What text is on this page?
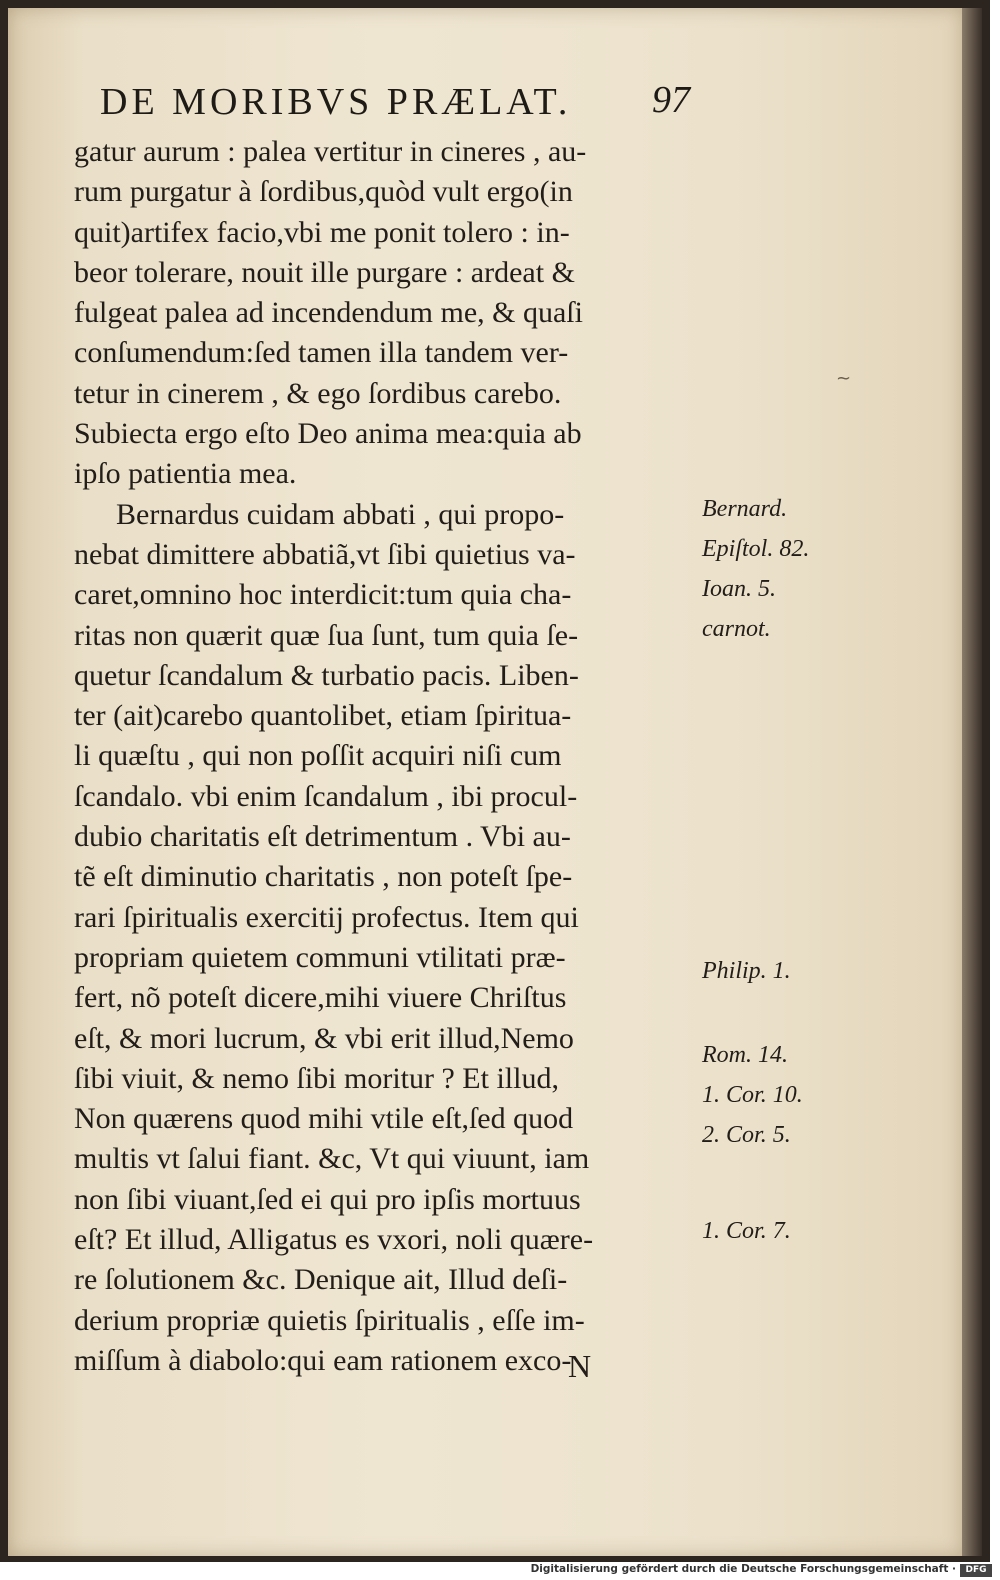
DE MORIBVS PRÆLAT.	97
gatur aurum : palea vertitur in cineres , au-
rum purgatur à ſordibus,quòd vult ergo(in
quit)artifex facio,vbi me ponit tolero : in-
beor tolerare, nouit ille purgare : ardeat &
fulgeat palea ad incendendum me, & quaſi
conſumendum:ſed tamen illa tandem ver-
tetur in cinerem , & ego ſordibus carebo.
Subiecta ergo eſto Deo anima mea:quia ab
ipſo patientia mea.
Bernardus cuidam abbati , qui propo-
nebat dimittere abbatiã,vt ſibi quietius va-
caret,omnino hoc interdicit:tum quia cha-
ritas non quærit quæ ſua ſunt, tum quia ſe-
quetur ſcandalum & turbatio pacis. Liben-
ter (ait)carebo quantolibet, etiam ſpiritua-
li quæſtu , qui non poſſit acquiri niſi cum
ſcandalo. vbi enim ſcandalum , ibi procul-
dubio charitatis eſt detrimentum . Vbi au-
tẽ eſt diminutio charitatis , non poteſt ſpe-
rari ſpiritualis exercitij profectus. Item qui
propriam quietem communi vtilitati præ-
fert, nõ poteſt dicere,mihi viuere Chriſtus
eſt, & mori lucrum, & vbi erit illud,Nemo
ſibi viuit, & nemo ſibi moritur ? Et illud,
Non quærens quod mihi vtile eſt,ſed quod
multis vt ſalui fiant. &c, Vt qui viuunt, iam
non ſibi viuant,ſed ei qui pro ipſis mortuus
eſt? Et illud, Alligatus es vxori, noli quære-
re ſolutionem &c. Denique ait, Illud deſi-
derium propriæ quietis ſpiritualis , eſſe im-
miſſum à diabolo:qui eam rationem exco-
N
Bernard.
Epiſtol. 82.
Ioan. 5.
carnot.
Philip. 1.
Rom. 14.
1. Cor. 10.
2. Cor. 5.
1. Cor. 7.
~
Digitalisierung gefördert durch die Deutsche Forschungsgemeinschaft ·	DFG
